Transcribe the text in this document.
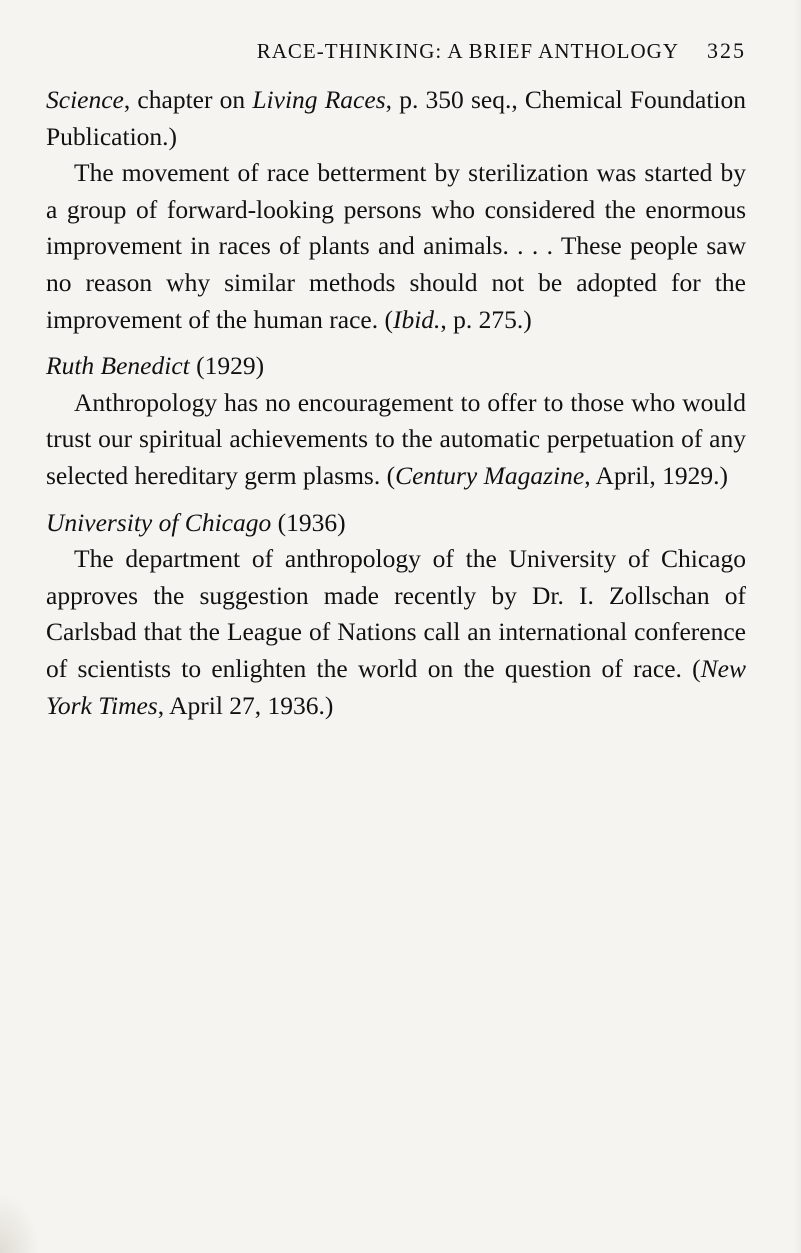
RACE-THINKING: A BRIEF ANTHOLOGY 325

Science, chapter on Living Races, p. 350 seq., Chemical Foundation Publication.)

The movement of race betterment by sterilization was started by a group of forward-looking persons who considered the enormous improvement in races of plants and animals. . . . These people saw no reason why similar methods should not be adopted for the improvement of the human race. (Ibid., p. 275.)

Ruth Benedict (1929)

Anthropology has no encouragement to offer to those who would trust our spiritual achievements to the automatic perpetuation of any selected hereditary germ plasms. (Century Magazine, April, 1929.)

University of Chicago (1936)

The department of anthropology of the University of Chicago approves the suggestion made recently by Dr. I. Zollschan of Carlsbad that the League of Nations call an international conference of scientists to enlighten the world on the question of race. (New York Times, April 27, 1936.)
